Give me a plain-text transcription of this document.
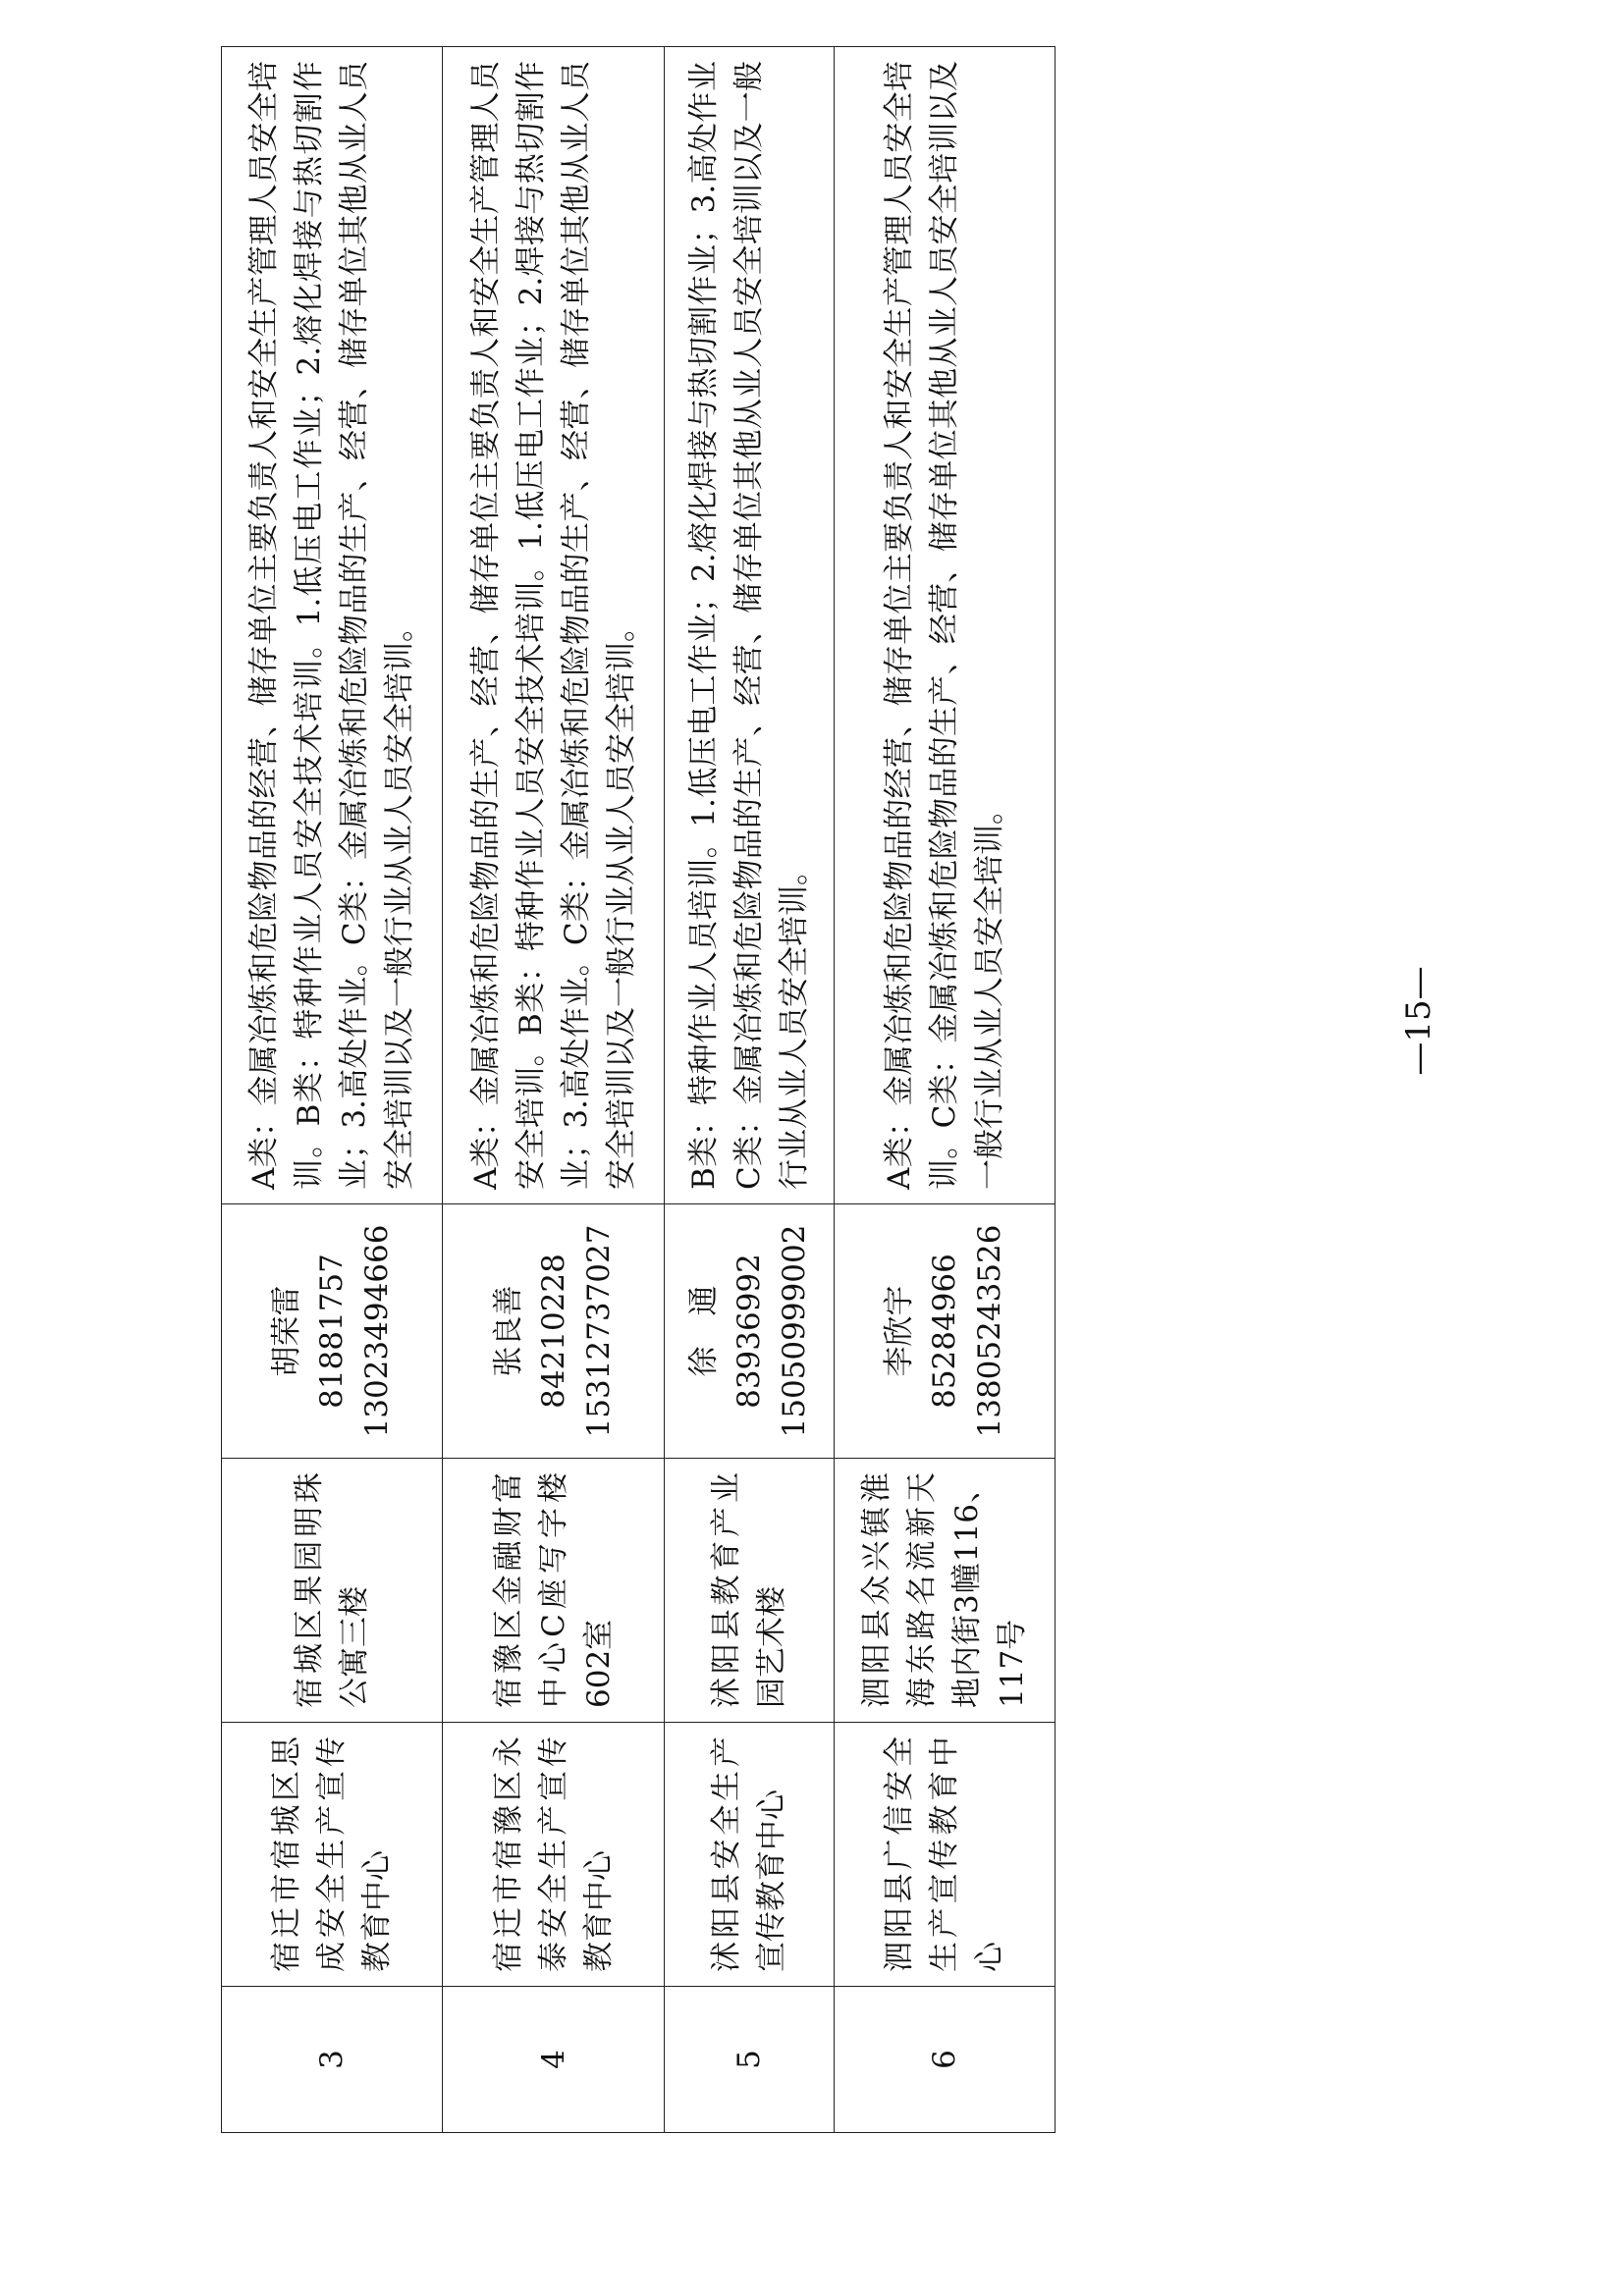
3	宿迁市宿城区思成安全生产宣传教育中心	宿城区果园明珠公寓三楼	胡荣雷 81881757 13023494666	A类：金属冶炼和危险物品的经营、储存单位主要负责人和安全生产管理人员安全培训。B类：特种作业人员安全技术培训。1.低压电工作业；2.熔化焊接与热切割作业；3.高处作业。C类：金属冶炼和危险物品的生产、经营、储存单位其他从业人员安全培训以及一般行业从业人员安全培训。
4	宿迁市宿豫区永泰安全生产宣传教育中心	宿豫区金融财富中心C座写字楼602室	张良善 84210228 15312737027	A类：金属冶炼和危险物品的生产、经营、储存单位主要负责人和安全生产管理人员安全培训。B类：特种作业人员安全技术培训。1.低压电工作业；2.焊接与热切割作业；3.高处作业。C类：金属冶炼和危险物品的生产、经营、储存单位其他从业人员安全培训以及一般行业从业人员安全培训。
5	沭阳县安全生产宣传教育中心	沭阳县教育产业园艺术楼	徐　通 83936992 15050999002	B类：特种作业人员培训。1.低压电工作业；2.熔化焊接与热切割作业；3.高处作业C类：金属冶炼和危险物品的生产、经营、储存单位其他从业人员安全培训以及一般行业从业人员安全培训。
6	泗阳县广信安全生产宣传教育中心	泗阳县众兴镇淮海东路名流新天地内街3幢116、117号	李欣宇 85284966 13805243526	A类：金属冶炼和危险物品的经营、储存单位主要负责人和安全生产管理人员安全培训。C类：金属冶炼和危险物品的生产、经营、储存单位其他从业人员安全培训以及一般行业从业人员安全培训。	—15—
